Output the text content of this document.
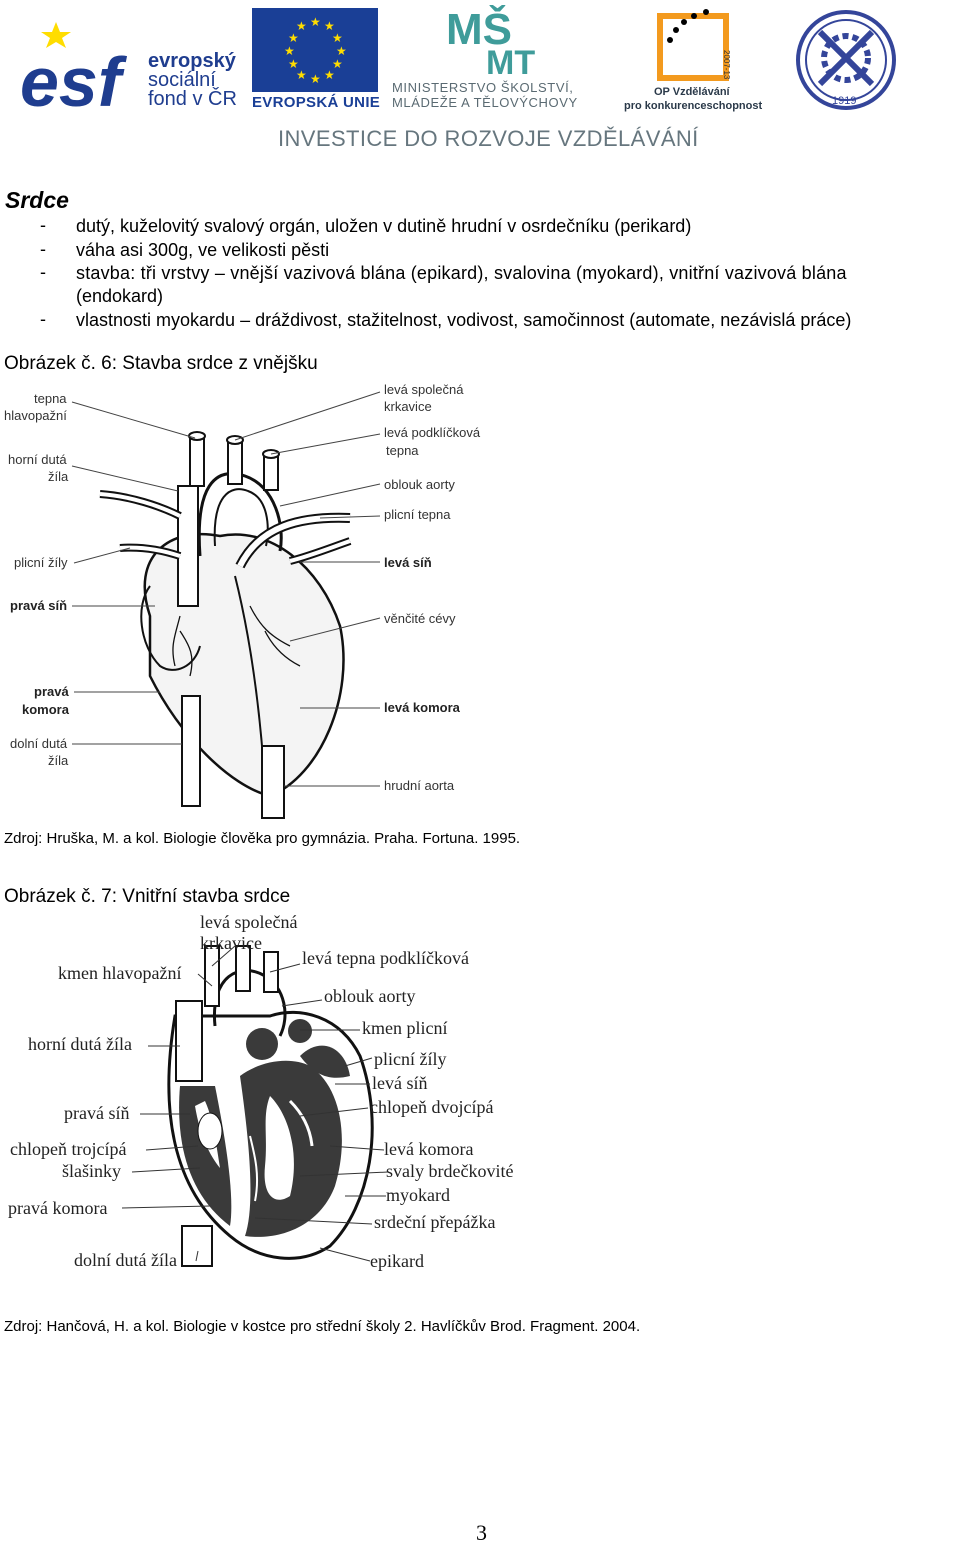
esf	evropský
sociální
fond v ČR
★ ★
★
★
★
★
★
★
★
★
★
★
EVROPSKÁ UNIE
MŠ
MT
MINISTERSTVO ŠKOLSTVÍ,
MLÁDEŽE A TĚLOVÝCHOVY
2007-13
OP Vzdělávání
pro konkurenceschopnost	1919
INVESTICE DO ROZVOJE VZDĚLÁVÁNÍ
Srdce
- dutý, kuželovitý svalový orgán, uložen v dutině hrudní v osrdečníku (perikard)
- váha asi 300g, ve velikosti pěsti
- stavba: tři vrstvy – vnější vazivová blána (epikard), svalovina (myokard), vnitřní vazivová blána
(endokard)
- vlastnosti myokardu – dráždivost, stažitelnost, vodivost, samočinnost (automate, nezávislá práce)
Obrázek č. 6: Stavba srdce z vnějšku
tepna
hlavopažní
horní dutá
žíla
plicní žíly
pravá síň
pravá
komora
dolní dutá
žíla
levá společná
krkavice
levá podklíčková
tepna
oblouk aorty
plicní tepna
levá síň
věnčité cévy
levá komora
hrudní aorta
Zdroj: Hruška, M. a kol. Biologie člověka pro gymnázia. Praha. Fortuna. 1995.
Obrázek č. 7: Vnitřní stavba srdce
levá společná
krkavice
kmen hlavopažní
levá tepna podklíčková
oblouk aorty
horní dutá žíla
kmen plicní
plicní žíly
levá síň
pravá síň	chlopeň dvojcípá
chlopeň trojcípá
šlašinky
levá komora
svaly brdečkovité
myokard
pravá komora
srdeční přepážka
dolní dutá žíla	epikard
Zdroj: Hančová, H. a kol. Biologie v kostce pro střední školy 2. Havlíčkův Brod. Fragment. 2004.
3
